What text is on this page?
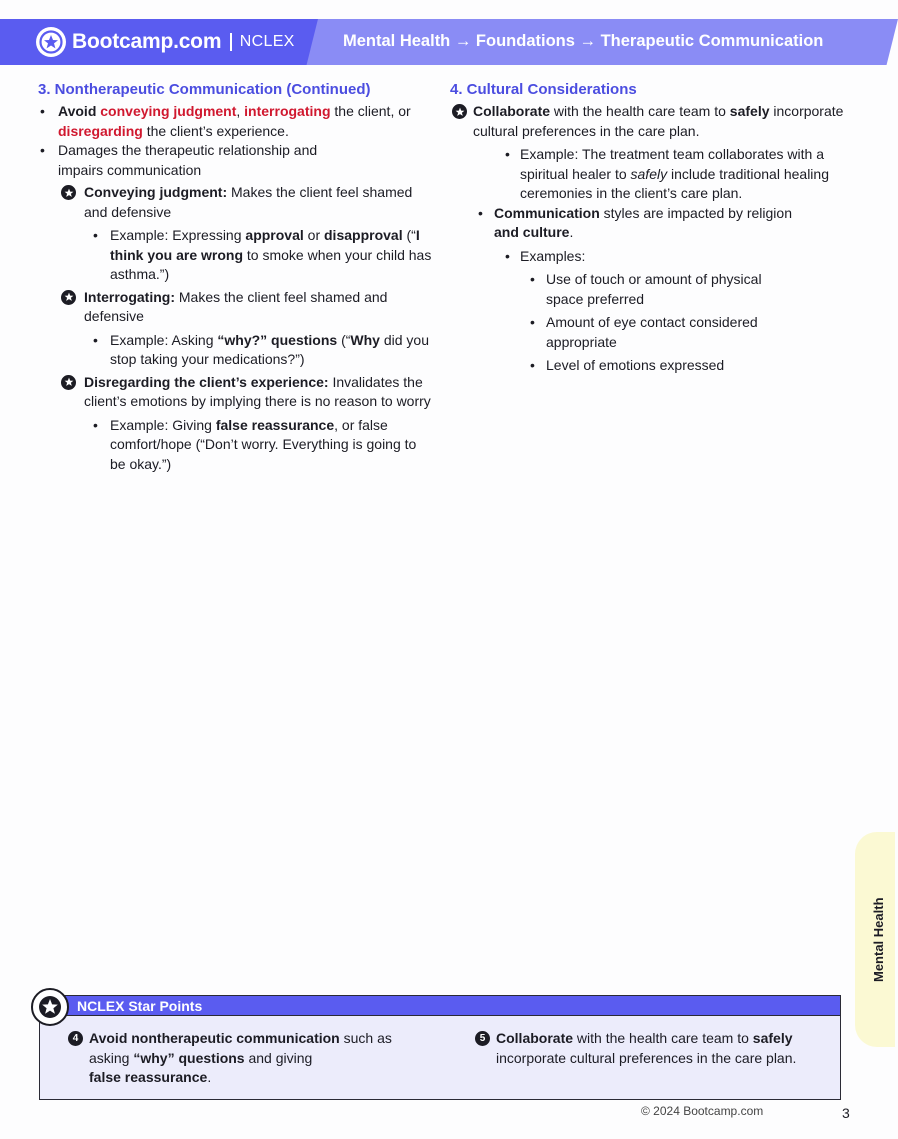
Bootcamp.com NCLEX	Mental Health → Foundations → Therapeutic Communication
3. Nontherapeutic Communication (Continued)
• Avoid conveying judgment, interrogating the client, or disregarding the client’s experience.
• Damages the therapeutic relationship and impairs communication
Conveying judgment: Makes the client feel shamed and defensive
• Example: Expressing approval or disapproval (“I think you are wrong to smoke when your child has asthma.”)
Interrogating: Makes the client feel shamed and defensive
• Example: Asking “why?” questions (“Why did you stop taking your medications?”)
Disregarding the client’s experience: Invalidates the client’s emotions by implying there is no reason to worry
• Example: Giving false reassurance, or false comfort/hope (“Don’t worry. Everything is going to be okay.”)
4. Cultural Considerations
Collaborate with the health care team to safely incorporate cultural preferences in the care plan.
• Example: The treatment team collaborates with a spiritual healer to safely include traditional healing ceremonies in the client’s care plan.
• Communication styles are impacted by religion and culture.
• Examples:
• Use of touch or amount of physical space preferred
• Amount of eye contact considered appropriate
• Level of emotions expressed
Mental Health
NCLEX Star Points
4 Avoid nontherapeutic communication such as asking “why” questions and giving
false reassurance.
5 Collaborate with the health care team to safely incorporate cultural preferences in the care plan.
© 2024 Bootcamp.com	3
